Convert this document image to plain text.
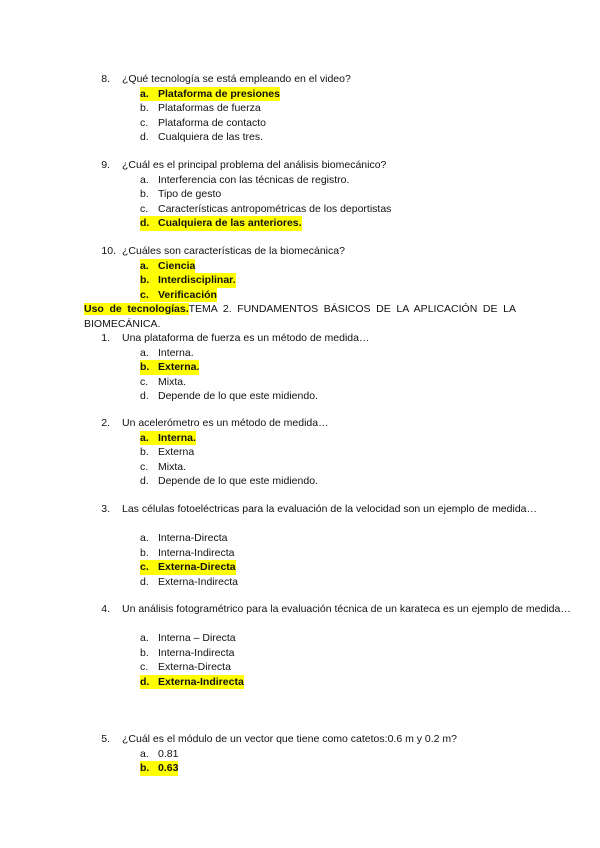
8. ¿Qué tecnología se está empleando en el video?
a. Plataforma de presiones
b. Plataformas de fuerza
c. Plataforma de contacto
d. Cualquiera de las tres.
9. ¿Cuál es el principal problema del análisis biomecánico?
a. Interferencia con las técnicas de registro.
b. Tipo de gesto
c. Características antropométricas de los deportistas
d. Cualquiera de las anteriores.
10. ¿Cuáles son características de la biomecánica?
a. Ciencia
b. Interdisciplinar.
c. Verificación
Uso de tecnologías.TEMA 2. FUNDAMENTOS BÁSICOS DE LA APLICACIÓN DE LA BIOMECÁNICA.
1. Una plataforma de fuerza es un método de medida…
a. Interna.
b. Externa.
c. Mixta.
d. Depende de lo que este midiendo.
2. Un acelerómetro es un método de medida…
a. Interna.
b. Externa
c. Mixta.
d. Depende de lo que este midiendo.
3. Las células fotoeléctricas para la evaluación de la velocidad son un ejemplo de medida…
a. Interna-Directa
b. Interna-Indirecta
c. Externa-Directa
d. Externa-Indirecta
4. Un análisis fotogramétrico para la evaluación técnica de un karateca es un ejemplo de medida…
a. Interna – Directa
b. Interna-Indirecta
c. Externa-Directa
d. Externa-Indirecta
5. ¿Cuál es el módulo de un vector que tiene como catetos:0.6 m y 0.2 m?
a. 0.81
b. 0.63
